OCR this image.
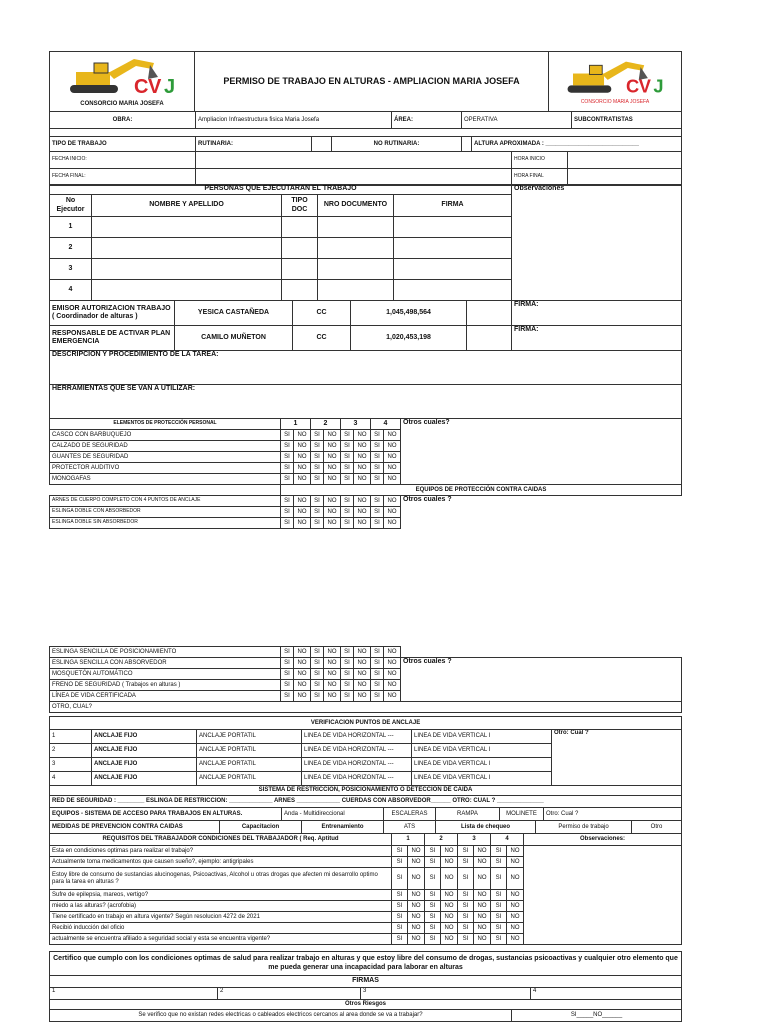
C V J
CONSORCIO MARIA JOSEFA
	PERMISO DE TRABAJO EN ALTURAS - AMPLIACION MARIA JOSEFA	C V J
CONSORCIO MARIA JOSEFA
OBRA:	Ampliacion Infraestructura fisica Maria Josefa			ÁREA:	OPERATIVA		SUBCONTRATISTAS

TIPO DE TRABAJO	RUTINARIA:		NO RUTINARIA:			ALTURA APROXIMADA : ____________________________	
FECHA INICIO:		HORA INICIO	
FECHA FINAL:		HORA FINAL	
PERSONAS QUE EJECUTARÁN EL TRABAJO					Observaciones
No Ejecutor	NOMBRE Y APELLIDO	TIPO DOC	NRO DOCUMENTO	FIRMA	
1					
2					
3					
4					
EMISOR AUTORIZACION TRABAJO ( Coordinador de alturas )	YESICA CASTAÑEDA	CC	1,045,498,564		FIRMA:
RESPONSABLE DE ACTIVAR PLAN EMERGENCIA	CAMILO MUÑETON	CC	1,020,453,198		FIRMA:
DESCRIPCION Y PROCEDIMIENTO DE LA TAREA:
HERRAMIENTAS QUE SE VAN A UTILIZAR:
ELEMENTOS DE PROTECCIÓN PERSONAL	1		2		3		4		Otros cuales?
CASCO CON BARBUQUEJO	SI	NO	SI	NO	SI	NO	SI	NO	
CALZADO DE SEGURIDAD	SI	NO	SI	NO	SI	NO	SI	NO	
GUANTES DE SEGURIDAD	SI	NO	SI	NO	SI	NO	SI	NO	
PROTECTOR AUDITIVO	SI	NO	SI	NO	SI	NO	SI	NO	
MONOGAFAS	SI	NO	SI	NO	SI	NO	SI	NO	
	EQUIPOS DE PROTECCIÓN CONTRA CAIDAS								
ARNES DE CUERPO COMPLETO CON 4 PUNTOS DE ANCLAJE	SI	NO	SI	NO	SI	NO	SI	NO	Otros cuales ?
ESLINGA DOBLE CON ABSORBEDOR	SI	NO	SI	NO	SI	NO	SI	NO	
ESLINGA DOBLE SIN ABSORBEDOR	SI	NO	SI	NO	SI	NO	SI	NO	
ESLINGA SENCILLA DE POSICIONAMIENTO	SI	NO	SI	NO	SI	NO	SI	NO	
ESLINGA SENCILLA CON ABSORVEDOR	SI	NO	SI	NO	SI	NO	SI	NO	Otros cuales ?
MOSQUETÓN AUTOMÁTICO	SI	NO	SI	NO	SI	NO	SI	NO	
FRENO DE SEGURIDAD ( Trabajos en alturas )	SI	NO	SI	NO	SI	NO	SI	NO	
LÍNEA DE VIDA CERTIFICADA	SI	NO	SI	NO	SI	NO	SI	NO	
OTRO, CUAL?									
VERIFICACION PUNTOS DE ANCLAJE					
1	ANCLAJE FIJO	ANCLAJE PORTATIL	LINEA DE VIDA HORIZONTAL ---	LINEA DE VIDA VERTICAL I	Otro: Cual ?
2	ANCLAJE FIJO	ANCLAJE PORTATIL	LINEA DE VIDA HORIZONTAL ---	LINEA DE VIDA VERTICAL I	
3	ANCLAJE FIJO	ANCLAJE PORTATIL	LINEA DE VIDA HORIZONTAL ---	LINEA DE VIDA VERTICAL I	
4	ANCLAJE FIJO	ANCLAJE PORTATIL	LINEA DE VIDA HORIZONTAL ---	LINEA DE VIDA VERTICAL I	
SISTEMA DE RESTRICCION, POSICIONAMIENTO O DETECCION DE CAIDA
RED DE SEGURIDAD : ________ ESLINGA DE RESTRICCION: _____________ ARNES _____________ CUERDAS CON ABSORVEDOR______ OTRO: CUAL ? ______________
EQUIPOS - SISTEMA DE ACCESO PARA TRABAJOS EN ALTURAS.	Anda - Multidireccional	ESCALERAS	RAMPA	MOLINETE	Otro: Cual ?
MEDIDAS DE PREVENCION CONTRA CAIDAS	Capacitacion	Entrenamiento	ATS	Lista de chequeo	Permiso de trabajo	Otro
REQUISITOS DEL TRABAJADOR CONDICIONES DEL TRABAJADOR ( Req. Aptitud	1		2		3		4		Observaciones:
Esta en condiciones optimas para realizar el trabajo?	SI	NO	SI	NO	SI	NO	SI	NO	
Actualmente toma medicamentos que causen sueño?, ejemplo: antigripales	SI	NO	SI	NO	SI	NO	SI	NO	
Estoy libre de consumo de sustancias alucinogenas, Psicoactivas, Alcohol u otras drogas que afecten mi desarrollo optimo para la tarea en alturas ?	SI	NO	SI	NO	SI	NO	SI	NO	
Sufre de epilepsia, mareos, vertigo?	SI	NO	SI	NO	SI	NO	SI	NO	
miedo a las alturas? (acrofobia)	SI	NO	SI	NO	SI	NO	SI	NO	
Tiene certificado en trabajo en altura vigente? Según resolucion 4272 de 2021	SI	NO	SI	NO	SI	NO	SI	NO	
Recibió inducción del oficio	SI	NO	SI	NO	SI	NO	SI	NO	
actualmente se encuentra afiliado a seguridad social y esta se encuentra vigente?	SI	NO	SI	NO	SI	NO	SI	NO	
Certifico que cumplo con los condiciones optimas de salud para realizar trabajo en alturas y que estoy libre del consumo de drogas, sustancias psicoactivas y cualquier otro elemento que me pueda generar una incapacidad para laborar en alturas
FIRMAS
1	2	3	4
Otros Riesgos
Se verifico que no existan redes electricas o cableados electricos cercanos al area donde se va a trabajar?	SI_____NO______
